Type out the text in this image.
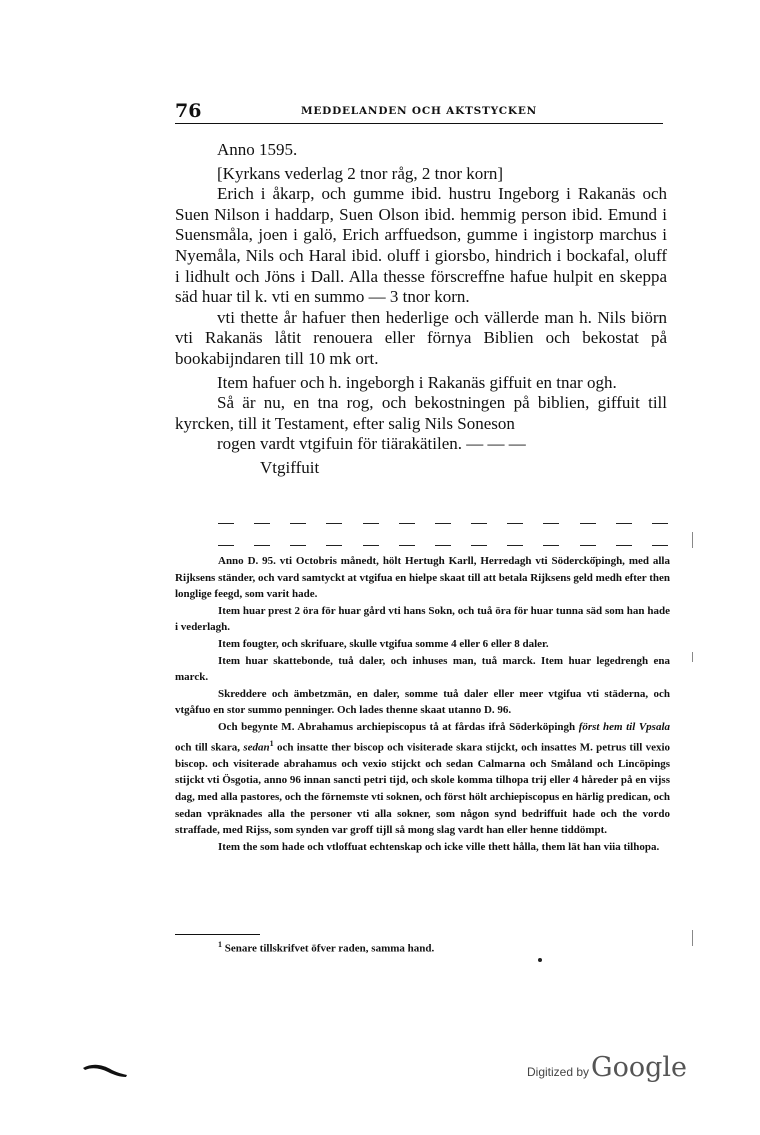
76	MEDDELANDEN OCH AKTSTYCKEN

Anno 1595.

[Kyrkans vederlag 2 tnor råg, 2 tnor korn]

Erich i åkarp, och gumme ibid. hustru Ingeborg i Rakanäs och Suen Nilson i haddarp, Suen Olson ibid. hemmig person ibid. Emund i Suensmåla, joen i galö, Erich arffuedson, gumme i ingistorp marchus i Nyemåla, Nils och Haral ibid. oluff i giorsbo, hindrich i bockafal, oluff i lidhult och Jöns i Dall. Alla thesse förscreffne hafue hulpit en skeppa säd huar til k. vti en summo — 3 tnor korn.

vti thette år hafuer then hederlige och vällerde man h. Nils biörn vti Rakanäs låtit renouera eller förnya Biblien och bekostat på bookabijndaren till 10 mk ort.

Item hafuer och h. ingeborgh i Rakanäs giffuit en tnar ogh.

Så är nu, en tna rog, och bekostningen på biblien, giffuit till kyrcken, till it Testament, efter salig Nils Soneson

rogen vardt vtgifuin för tiärakätilen. — — —

Vtgiffuit

Anno D. 95. vti Octobris månedt, hölt Hertugh Karll, Herredagh vti Söderckö̈pingh, med alla Rijksens ständer, och vard samtyckt at vtgifua en hielpe skaat till att betala Rijksens geld medh efter then longlige feegd, som varit hade.

Item huar prest 2 öra för huar gård vti hans Sokn, och tuå öra för huar tunna säd som han hade i vederlagh.

Item fougter, och skrifuare, skulle vtgifua somme 4 eller 6 eller 8 daler.

Item huar skattebonde, tuå daler, och inhuses man, tuå marck. Item huar legedrengh ena marck.

Skreddere och ämbetzmän, en daler, somme tuå daler eller meer vtgifua vti städerna, och vtgåfuo en stor summo penninger. Och lades thenne skaat utanno D. 96.

Och begynte M. Abrahamus archiepiscopus tå at fårdas ifrå Söderköpingh först hem til Vpsala och till skara, sedan$^1$ och insatte ther biscop och visiterade skara stijckt, och insattes M. petrus till vexio biscop. och visiterade abrahamus och vexio stijckt och sedan Calmarna och Småland och Lincöpings stijckt vti Ösgotia, anno 96 innan sancti petri tijd, och skole komma tilhopa trij eller 4 håreder på en vijss dag, med alla pastores, och the förnemste vti soknen, och först hölt archiepiscopus en härlig predican, och sedan vpräknades alla the personer vti alla sokner, som någon synd bedriffuit hade och the vordo straffade, med Rijss, som synden var groff tijll så mong slag vardt han eller henne tiddömpt.

Item the som hade och vtloffuat echtenskap och icke ville thett hålla, them lät han viia tilhopa.

$^1$ Senare tillskrifvet öfver raden, samma hand.
Digitized byGoogle
